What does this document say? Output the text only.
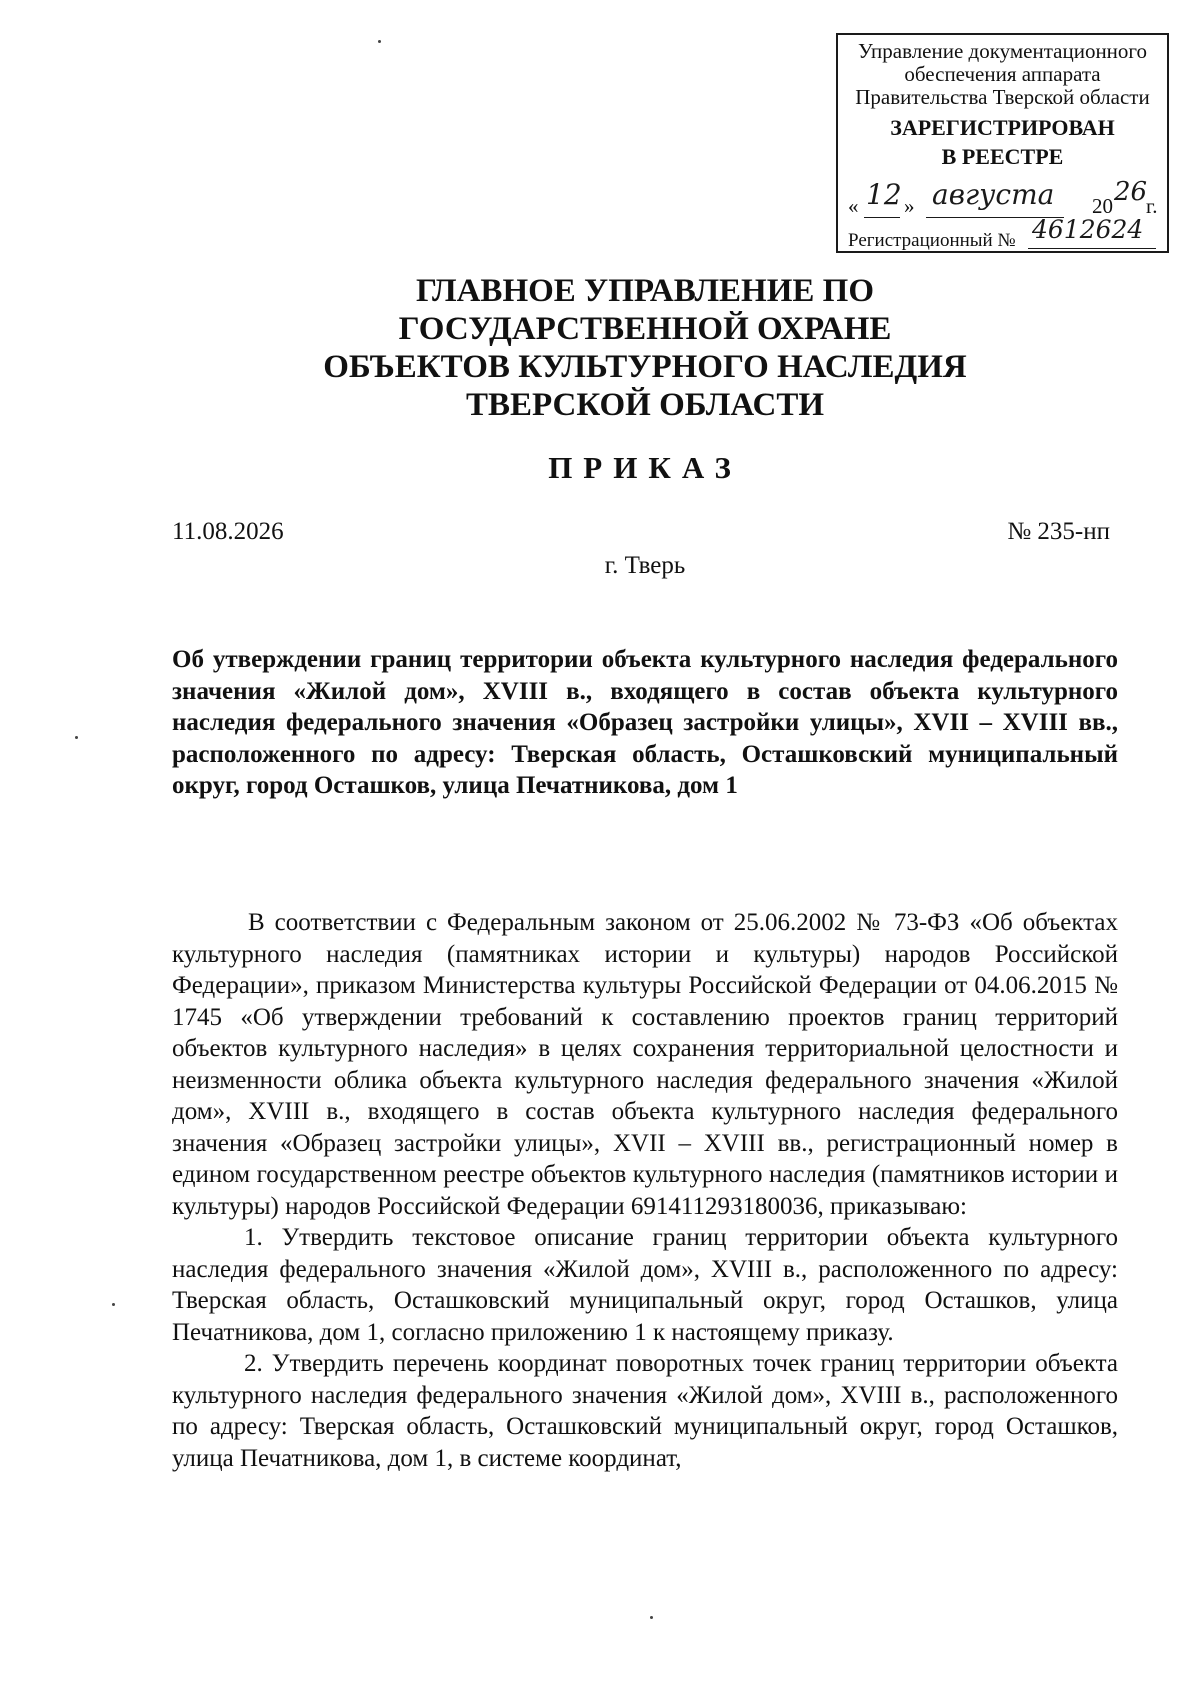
Управление документационного
обеспечения аппарата
Правительства Тверской области
ЗАРЕГИСТРИРОВАН
В РЕЕСТРЕ
« 12 » августа 20 26
г.
Регистрационный № 4612624
ГЛАВНОЕ УПРАВЛЕНИЕ ПО
ГОСУДАРСТВЕННОЙ ОХРАНЕ
ОБЪЕКТОВ КУЛЬТУРНОГО НАСЛЕДИЯ
ТВЕРСКОЙ ОБЛАСТИ
ПРИКАЗ
11.08.2026	№ 235-нп
г. Тверь
Об утверждении границ территории объекта культурного наследия федерального значения «Жилой дом», XVIII в., входящего в состав объекта культурного наследия федерального значения «Образец застройки улицы», XVII – XVIII вв., расположенного по адресу: Тверская область, Осташковский муниципальный округ, город Осташков, улица Печатникова, дом 1

В соответствии с Федеральным законом от 25.06.2002 № 73-ФЗ «Об объектах культурного наследия (памятниках истории и культуры) народов Российской Федерации», приказом Министерства культуры Российской Федерации от 04.06.2015 № 1745 «Об утверждении требований к составлению проектов границ территорий объектов культурного наследия» в целях сохранения территориальной целостности и неизменности облика объекта культурного наследия федерального значения «Жилой дом», XVIII в., входящего в состав объекта культурного наследия федерального значения «Образец застройки улицы», XVII – XVIII вв., регистрационный номер в едином государственном реестре объектов культурного наследия (памятников истории и культуры) народов Российской Федерации 691411293180036, приказываю:

1. Утвердить текстовое описание границ территории объекта культурного наследия федерального значения «Жилой дом», XVIII в., расположенного по адресу: Тверская область, Осташковский муниципальный округ, город Осташков, улица Печатникова, дом 1, согласно приложению 1 к настоящему приказу.

2. Утвердить перечень координат поворотных точек границ территории объекта культурного наследия федерального значения «Жилой дом», XVIII в., расположенного по адресу: Тверская область, Осташковский муниципальный округ, город Осташков, улица Печатникова, дом 1, в системе координат,
